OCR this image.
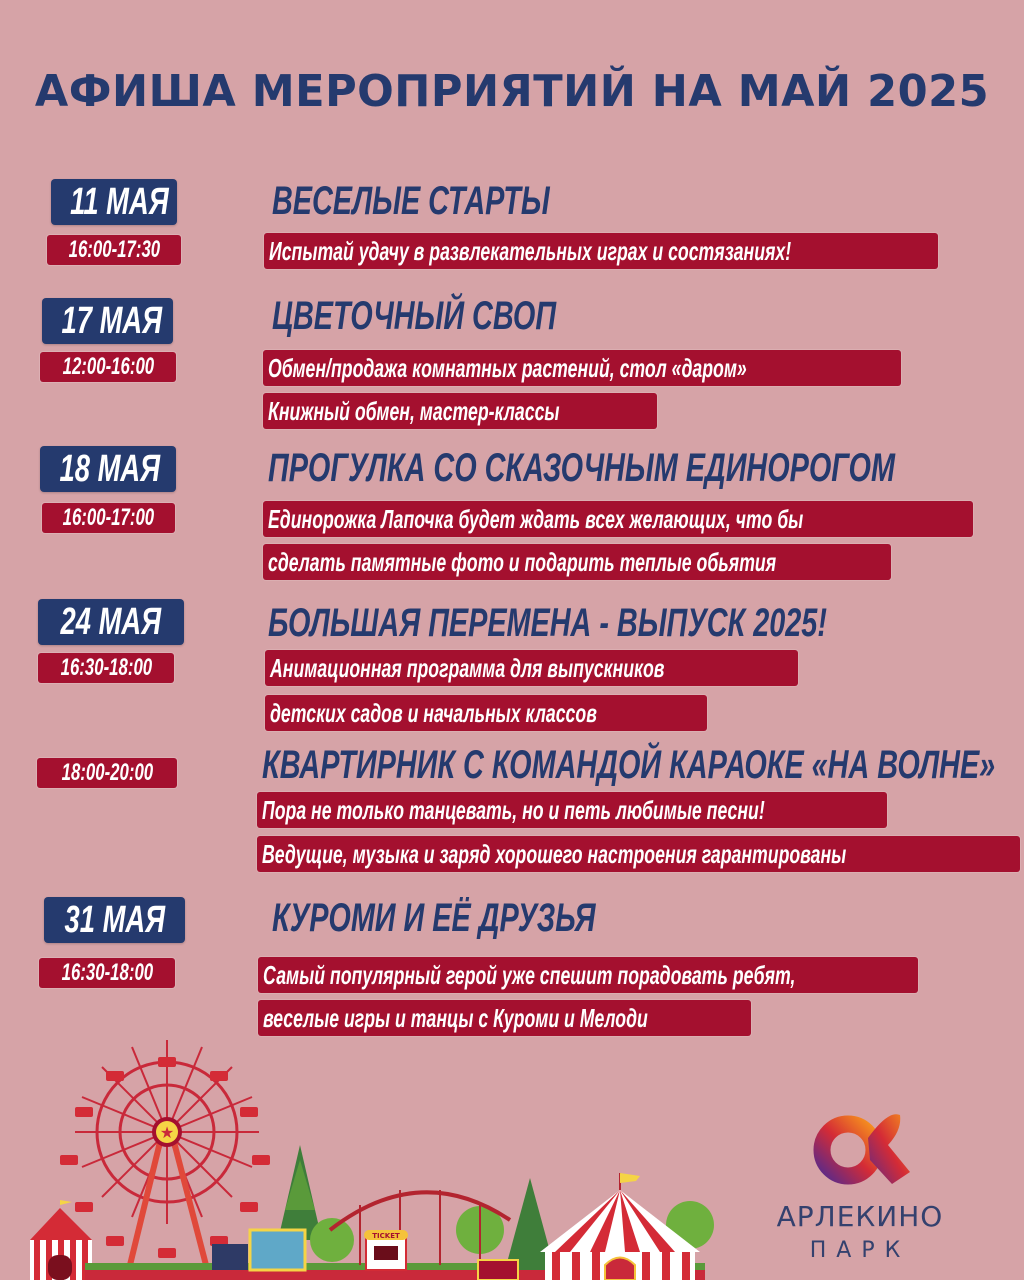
АФИША МЕРОПРИЯТИЙ НА МАЙ 2025
11 МАЯ
16:00-17:30
ВЕСЕЛЫЕ СТАРТЫ
Испытай удачу в развлекательных играх и состязаниях!
17 МАЯ
12:00-16:00
ЦВЕТОЧНЫЙ СВОП
Обмен/продажа комнатных растений, стол «даром»
Книжный обмен, мастер-классы
18 МАЯ
16:00-17:00
ПРОГУЛКА СО СКАЗОЧНЫМ ЕДИНОРОГОМ
Единорожка Лапочка будет ждать всех желающих, что бы
сделать памятные фото и подарить теплые обьятия
24 МАЯ
16:30-18:00
БОЛЬШАЯ ПЕРЕМЕНА - ВЫПУСК 2025!
Анимационная программа для выпускников
детских садов и начальных классов
18:00-20:00	КВАРТИРНИК С КОМАНДОЙ КАРАОКЕ «НА ВОЛНЕ»
Пора не только танцевать, но и петь любимые песни!
Ведущие, музыка и заряд хорошего настроения гарантированы
31 МАЯ
16:30-18:00
КУРОМИ И ЕЁ ДРУЗЬЯ
Самый популярный герой уже спешит порадовать ребят,
веселые игры и танцы с Куроми и Мелоди
★
TICKET
АРЛЕКИНО
ПАРК
